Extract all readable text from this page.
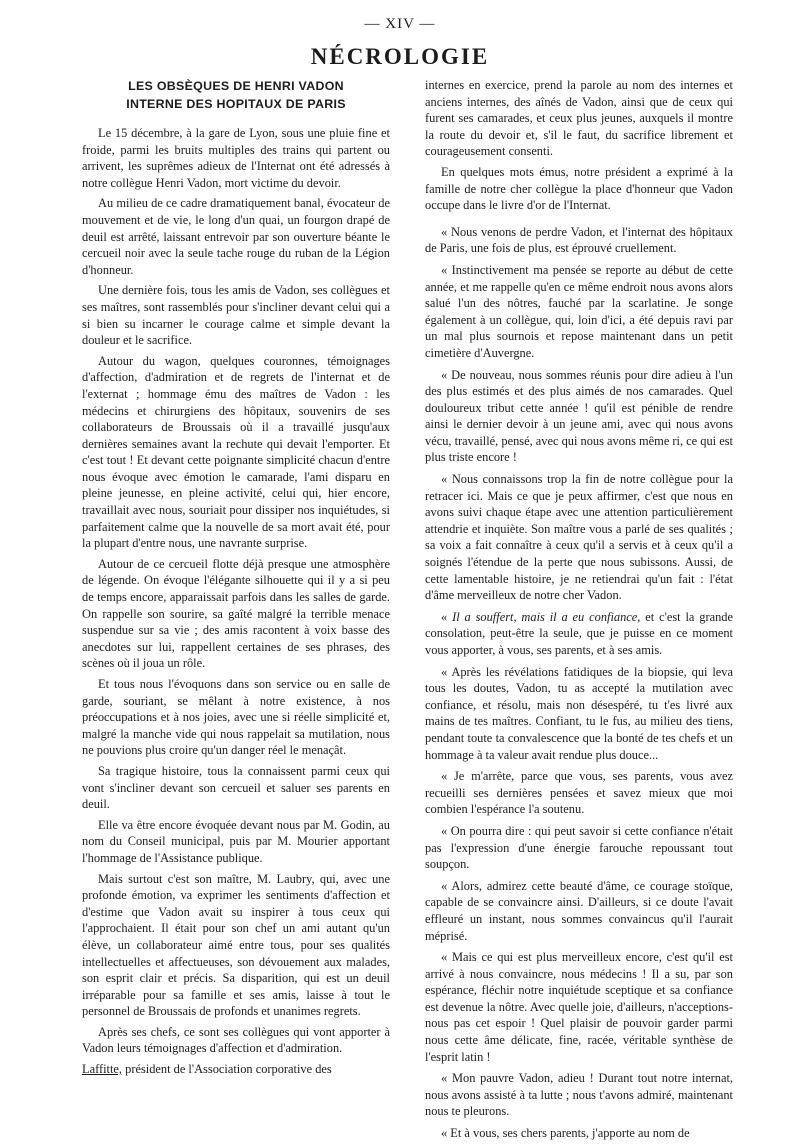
— XIV —
NÉCROLOGIE
LES OBSÈQUES DE HENRI VADON
INTERNE DES HOPITAUX DE PARIS

Le 15 décembre, à la gare de Lyon, sous une pluie fine et froide, parmi les bruits multiples des trains qui partent ou arrivent, les suprêmes adieux de l'Internat ont été adressés à notre collègue Henri Vadon, mort victime du devoir.

Au milieu de ce cadre dramatiquement banal, évocateur de mouvement et de vie, le long d'un quai, un fourgon drapé de deuil est arrêté, laissant entrevoir par son ouverture béante le cercueil noir avec la seule tache rouge du ruban de la Légion d'honneur.

Une dernière fois, tous les amis de Vadon, ses collègues et ses maîtres, sont rassemblés pour s'incliner devant celui qui a si bien su incarner le courage calme et simple devant la douleur et le sacrifice.

Autour du wagon, quelques couronnes, témoignages d'affection, d'admiration et de regrets de l'internat et de l'externat ; hommage ému des maîtres de Vadon : les médecins et chirurgiens des hôpitaux, souvenirs de ses collaborateurs de Broussais où il a travaillé jusqu'aux dernières semaines avant la rechute qui devait l'emporter. Et c'est tout ! Et devant cette poignante simplicité chacun d'entre nous évoque avec émotion le camarade, l'ami disparu en pleine jeunesse, en pleine activité, celui qui, hier encore, travaillait avec nous, souriait pour dissiper nos inquiétudes, si parfaitement calme que la nouvelle de sa mort avait été, pour la plupart d'entre nous, une navrante surprise.

Autour de ce cercueil flotte déjà presque une atmosphère de légende. On évoque l'élégante silhouette qui il y a si peu de temps encore, apparaissait parfois dans les salles de garde. On rappelle son sourire, sa gaîté malgré la terrible menace suspendue sur sa vie ; des amis racontent à voix basse des anecdotes sur lui, rappellent certaines de ses phrases, des scènes où il joua un rôle.

Et tous nous l'évoquons dans son service ou en salle de garde, souriant, se mêlant à notre existence, à nos préoccupations et à nos joies, avec une si réelle simplicité et, malgré la manche vide qui nous rappelait sa mutilation, nous ne pouvions plus croire qu'un danger réel le menaçât.

Sa tragique histoire, tous la connaissent parmi ceux qui vont s'incliner devant son cercueil et saluer ses parents en deuil.

Elle va être encore évoquée devant nous par M. Godin, au nom du Conseil municipal, puis par M. Mourier apportant l'hommage de l'Assistance publique.

Mais surtout c'est son maître, M. Laubry, qui, avec une profonde émotion, va exprimer les sentiments d'affection et d'estime que Vadon avait su inspirer à tous ceux qui l'approchaient. Il était pour son chef un ami autant qu'un élève, un collaborateur aimé entre tous, pour ses qualités intellectuelles et affectueuses, son dévouement aux malades, son esprit clair et précis. Sa disparition, qui est un deuil irréparable pour sa famille et ses amis, laisse à tout le personnel de Broussais de profonds et unanimes regrets.

Après ses chefs, ce sont ses collègues qui vont apporter à Vadon leurs témoignages d'affection et d'admiration.

Laffitte, président de l'Association corporative des

internes en exercice, prend la parole au nom des internes et anciens internes, des aînés de Vadon, ainsi que de ceux qui furent ses camarades, et ceux plus jeunes, auxquels il montre la route du devoir et, s'il le faut, du sacrifice librement et courageusement consenti.

En quelques mots émus, notre président a exprimé à la famille de notre cher collègue la place d'honneur que Vadon occupe dans le livre d'or de l'Internat.

« Nous venons de perdre Vadon, et l'internat des hôpitaux de Paris, une fois de plus, est éprouvé cruellement.

« Instinctivement ma pensée se reporte au début de cette année, et me rappelle qu'en ce même endroit nous avons alors salué l'un des nôtres, fauché par la scarlatine. Je songe également à un collègue, qui, loin d'ici, a été depuis ravi par un mal plus sournois et repose maintenant dans un petit cimetière d'Auvergne.

« De nouveau, nous sommes réunis pour dire adieu à l'un des plus estimés et des plus aimés de nos camarades. Quel douloureux tribut cette année ! qu'il est pénible de rendre ainsi le dernier devoir à un jeune ami, avec qui nous avons vécu, travaillé, pensé, avec qui nous avons même ri, ce qui est plus triste encore !

« Nous connaissons trop la fin de notre collègue pour la retracer ici. Mais ce que je peux affirmer, c'est que nous en avons suivi chaque étape avec une attention particulièrement attendrie et inquiète. Son maître vous a parlé de ses qualités ; sa voix a fait connaître à ceux qu'il a servis et à ceux qu'il a soignés l'étendue de la perte que nous subissons. Aussi, de cette lamentable histoire, je ne retiendrai qu'un fait : l'état d'âme merveilleux de notre cher Vadon.

« Il a souffert, mais il a eu confiance, et c'est la grande consolation, peut-être la seule, que je puisse en ce moment vous apporter, à vous, ses parents, et à ses amis.

« Après les révélations fatidiques de la biopsie, qui leva tous les doutes, Vadon, tu as accepté la mutilation avec confiance, et résolu, mais non désespéré, tu t'es livré aux mains de tes maîtres. Confiant, tu le fus, au milieu des tiens, pendant toute ta convalescence que la bonté de tes chefs et un hommage à ta valeur avait rendue plus douce...

« Je m'arrête, parce que vous, ses parents, vous avez recueilli ses dernières pensées et savez mieux que moi combien l'espérance l'a soutenu.

« On pourra dire : qui peut savoir si cette confiance n'était pas l'expression d'une énergie farouche repoussant tout soupçon.

« Alors, admirez cette beauté d'âme, ce courage stoïque, capable de se convaincre ainsi. D'ailleurs, si ce doute l'avait effleuré un instant, nous sommes convaincus qu'il l'aurait méprisé.

« Mais ce qui est plus merveilleux encore, c'est qu'il est arrivé à nous convaincre, nous médecins ! Il a su, par son espérance, fléchir notre inquiétude sceptique et sa confiance est devenue la nôtre. Avec quelle joie, d'ailleurs, n'acceptions-nous pas cet espoir ! Quel plaisir de pouvoir garder parmi nous cette âme délicate, fine, racée, véritable synthèse de l'esprit latin !

« Mon pauvre Vadon, adieu ! Durant tout notre internat, nous avons assisté à ta lutte ; nous t'avons admiré, maintenant nous te pleurons.

« Et à vous, ses chers parents, j'apporte au nom de
